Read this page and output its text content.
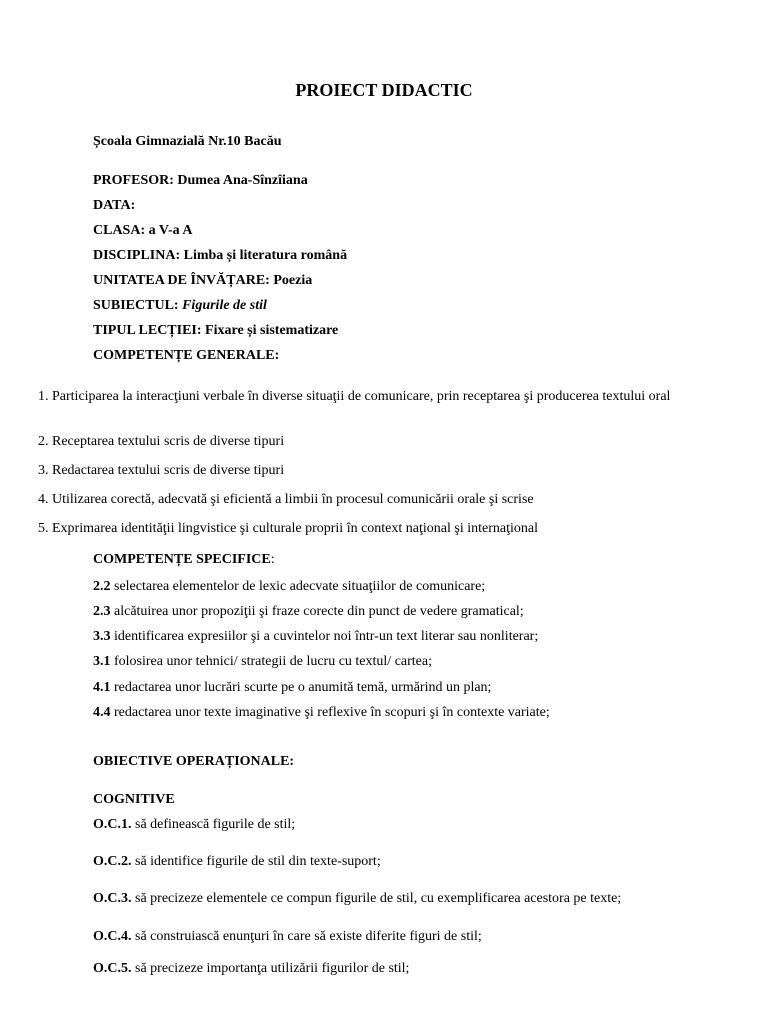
PROIECT DIDACTIC
Școala Gimnazială Nr.10 Bacău
PROFESOR: Dumea Ana-Sînzîiana
DATA:
CLASA: a V-a A
DISCIPLINA: Limba și literatura română
UNITATEA DE ÎNVĂȚARE: Poezia
SUBIECTUL: Figurile de stil
TIPUL LECȚIEI: Fixare și sistematizare
COMPETENȚE GENERALE:
1. Participarea la interacţiuni verbale în diverse situaţii de comunicare, prin receptarea şi producerea textului oral
2. Receptarea textului scris de diverse tipuri
3. Redactarea textului scris de diverse tipuri
4. Utilizarea corectă, adecvată şi eficientă a limbii în procesul comunicării orale şi scrise
5. Exprimarea identităţii lingvistice şi culturale proprii în context naţional şi internaţional
COMPETENȚE SPECIFICE:
2.2 selectarea elementelor de lexic adecvate situaţiilor de comunicare;
2.3 alcătuirea unor propoziţii şi fraze corecte din punct de vedere gramatical;
3.3 identificarea expresiilor şi a cuvintelor noi într-un text literar sau nonliterar;
3.1 folosirea unor tehnici/ strategii de lucru cu textul/ cartea;
4.1 redactarea unor lucrări scurte pe o anumită temă, urmărind un plan;
4.4 redactarea unor texte imaginative şi reflexive în scopuri şi în contexte variate;
OBIECTIVE OPERAȚIONALE:
COGNITIVE
O.C.1. să definească figurile de stil;
O.C.2. să identifice figurile de stil din texte-suport;
O.C.3. să precizeze elementele ce compun figurile de stil, cu exemplificarea acestora pe texte;
O.C.4. să construiască enunţuri în care să existe diferite figuri de stil;
O.C.5. să precizeze importanţa utilizării figurilor de stil;
